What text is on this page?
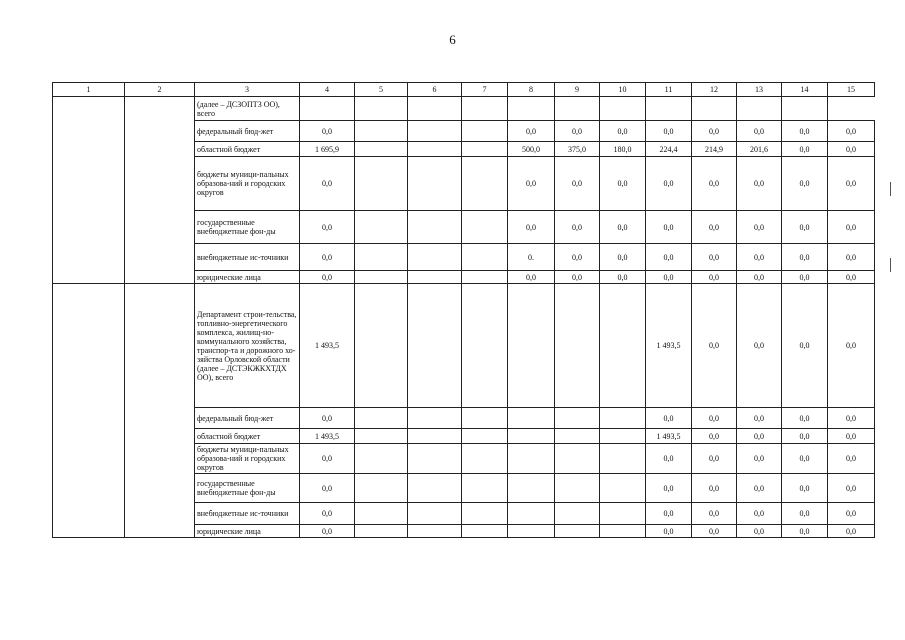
6
1	2	3	4	5	6	7	8	9	10	11	12	13	14	15
		(далее – ДСЗОПТЗ ОО), всего												
		федеральный бюд-жет	0,0				0,0	0,0	0,0	0,0	0,0	0,0	0,0	0,0
		областной бюджет	1 695,9				500,0	375,0	180,0	224,4	214,9	201,6	0,0	0,0
		бюджеты муници-пальных образова-ний и городских округов	0,0				0,0	0,0	0,0	0,0	0,0	0,0	0,0	0,0
		государственные внебюджетные фон-ды	0,0				0,0	0,0	0,0	0,0	0,0	0,0	0,0	0,0
		внебюджетные ис-точники	0,0				0.	0,0	0,0	0,0	0,0	0,0	0,0	0,0
		юридические лица	0,0				0,0	0,0	0,0	0,0	0,0	0,0	0,0	0,0
		Департамент строи-тельства, топливно-энергетического комплекса, жилищ-но-коммунального хозяйства, транспор-та и дорожного хо-зяйства Орловской области (далее – ДСТЭКЖКХТДХ ОО), всего	1 493,5							1 493,5	0,0	0,0	0,0	0,0
		федеральный бюд-жет	0,0							0,0	0,0	0,0	0,0	0,0
		областной бюджет	1 493,5							1 493,5	0,0	0,0	0,0	0,0
		бюджеты муници-пальных образова-ний и городских округов	0,0							0,0	0,0	0,0	0,0	0,0
		государственные внебюджетные фон-ды	0,0							0,0	0,0	0,0	0,0	0,0
		внебюджетные ис-точники	0,0							0,0	0,0	0,0	0,0	0,0
		юридические лица	0,0							0,0	0,0	0,0	0,0	0,0
